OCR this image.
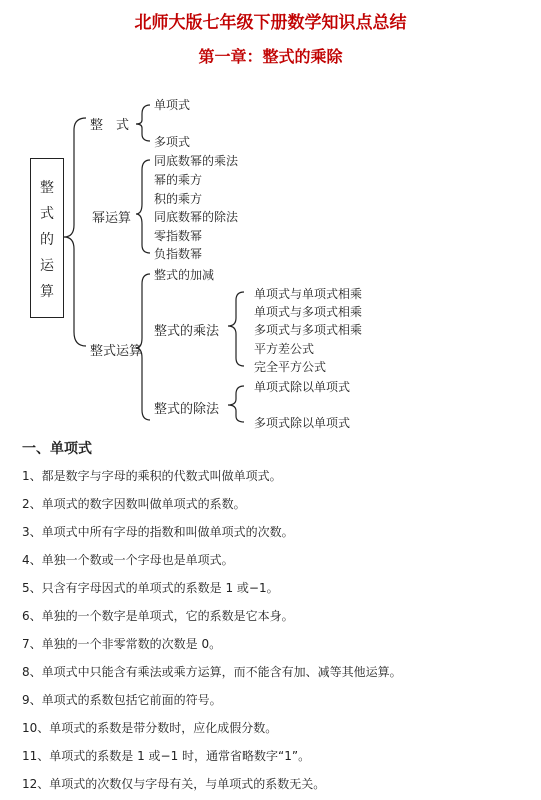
北师大版七年级下册数学知识点总结
第一章：整式的乘除
整
式
的
运
算
整　式
单项式
多项式
幂运算
同底数幂的乘法
幂的乘方
积的乘方
同底数幂的除法
零指数幂
负指数幂
整式运算
整式的加减
整式的乘法
单项式与单项式相乘
单项式与多项式相乘
多项式与多项式相乘
平方差公式
完全平方公式
整式的除法
单项式除以单项式
多项式除以单项式
一、单项式
1、都是数字与字母的乘积的代数式叫做单项式。
2、单项式的数字因数叫做单项式的系数。
3、单项式中所有字母的指数和叫做单项式的次数。
4、单独一个数或一个字母也是单项式。
5、只含有字母因式的单项式的系数是 1 或−1。
6、单独的一个数字是单项式，它的系数是它本身。
7、单独的一个非零常数的次数是 0。
8、单项式中只能含有乘法或乘方运算，而不能含有加、减等其他运算。
9、单项式的系数包括它前面的符号。
10、单项式的系数是带分数时，应化成假分数。
11、单项式的系数是 1 或−1 时，通常省略数字“1”。
12、单项式的次数仅与字母有关，与单项式的系数无关。
